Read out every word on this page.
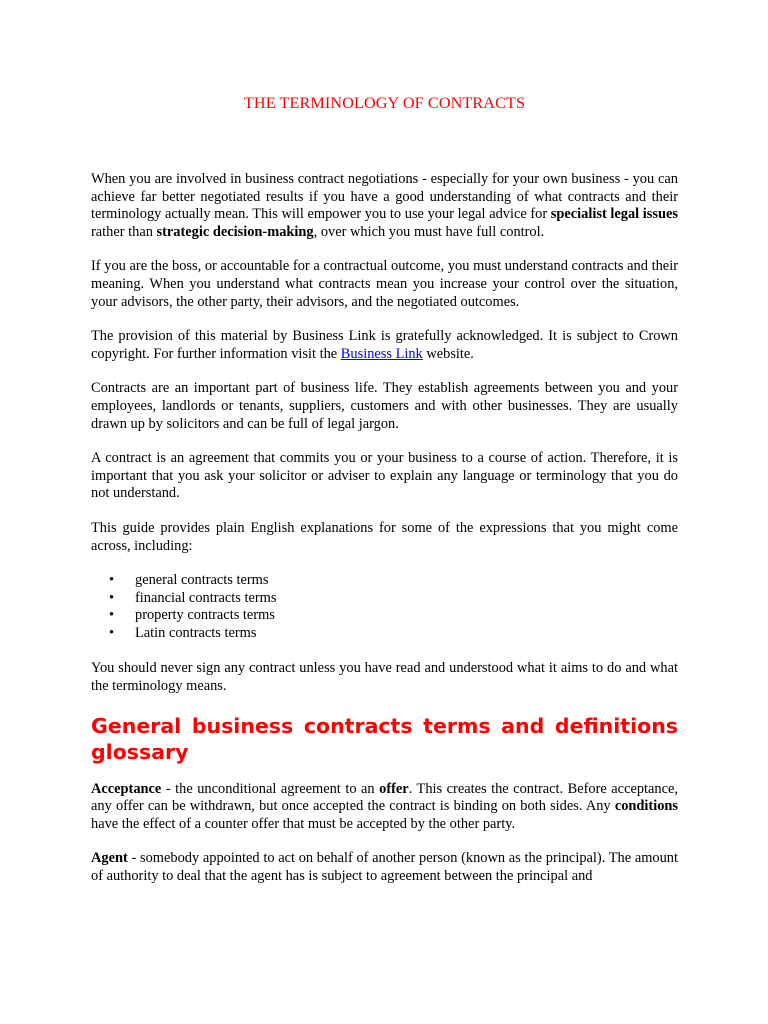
THE TERMINOLOGY OF CONTRACTS

When you are involved in business contract negotiations - especially for your own business - you can achieve far better negotiated results if you have a good understanding of what contracts and their terminology actually mean. This will empower you to use your legal advice for specialist legal issues rather than strategic decision-making, over which you must have full control.

If you are the boss, or accountable for a contractual outcome, you must understand contracts and their meaning. When you understand what contracts mean you increase your control over the situation, your advisors, the other party, their advisors, and the negotiated outcomes.

The provision of this material by Business Link is gratefully acknowledged. It is subject to Crown copyright. For further information visit the Business Link website.

Contracts are an important part of business life. They establish agreements between you and your employees, landlords or tenants, suppliers, customers and with other businesses. They are usually drawn up by solicitors and can be full of legal jargon.

A contract is an agreement that commits you or your business to a course of action. Therefore, it is important that you ask your solicitor or adviser to explain any language or terminology that you do not understand.

This guide provides plain English explanations for some of the expressions that you might come across, including:

• general contracts terms
• financial contracts terms
• property contracts terms
• Latin contracts terms

You should never sign any contract unless you have read and understood what it aims to do and what the terminology means.

General business contracts terms and definitions glossary

Acceptance - the unconditional agreement to an offer. This creates the contract. Before acceptance, any offer can be withdrawn, but once accepted the contract is binding on both sides. Any conditions have the effect of a counter offer that must be accepted by the other party.

Agent - somebody appointed to act on behalf of another person (known as the principal). The amount of authority to deal that the agent has is subject to agreement between the principal and
